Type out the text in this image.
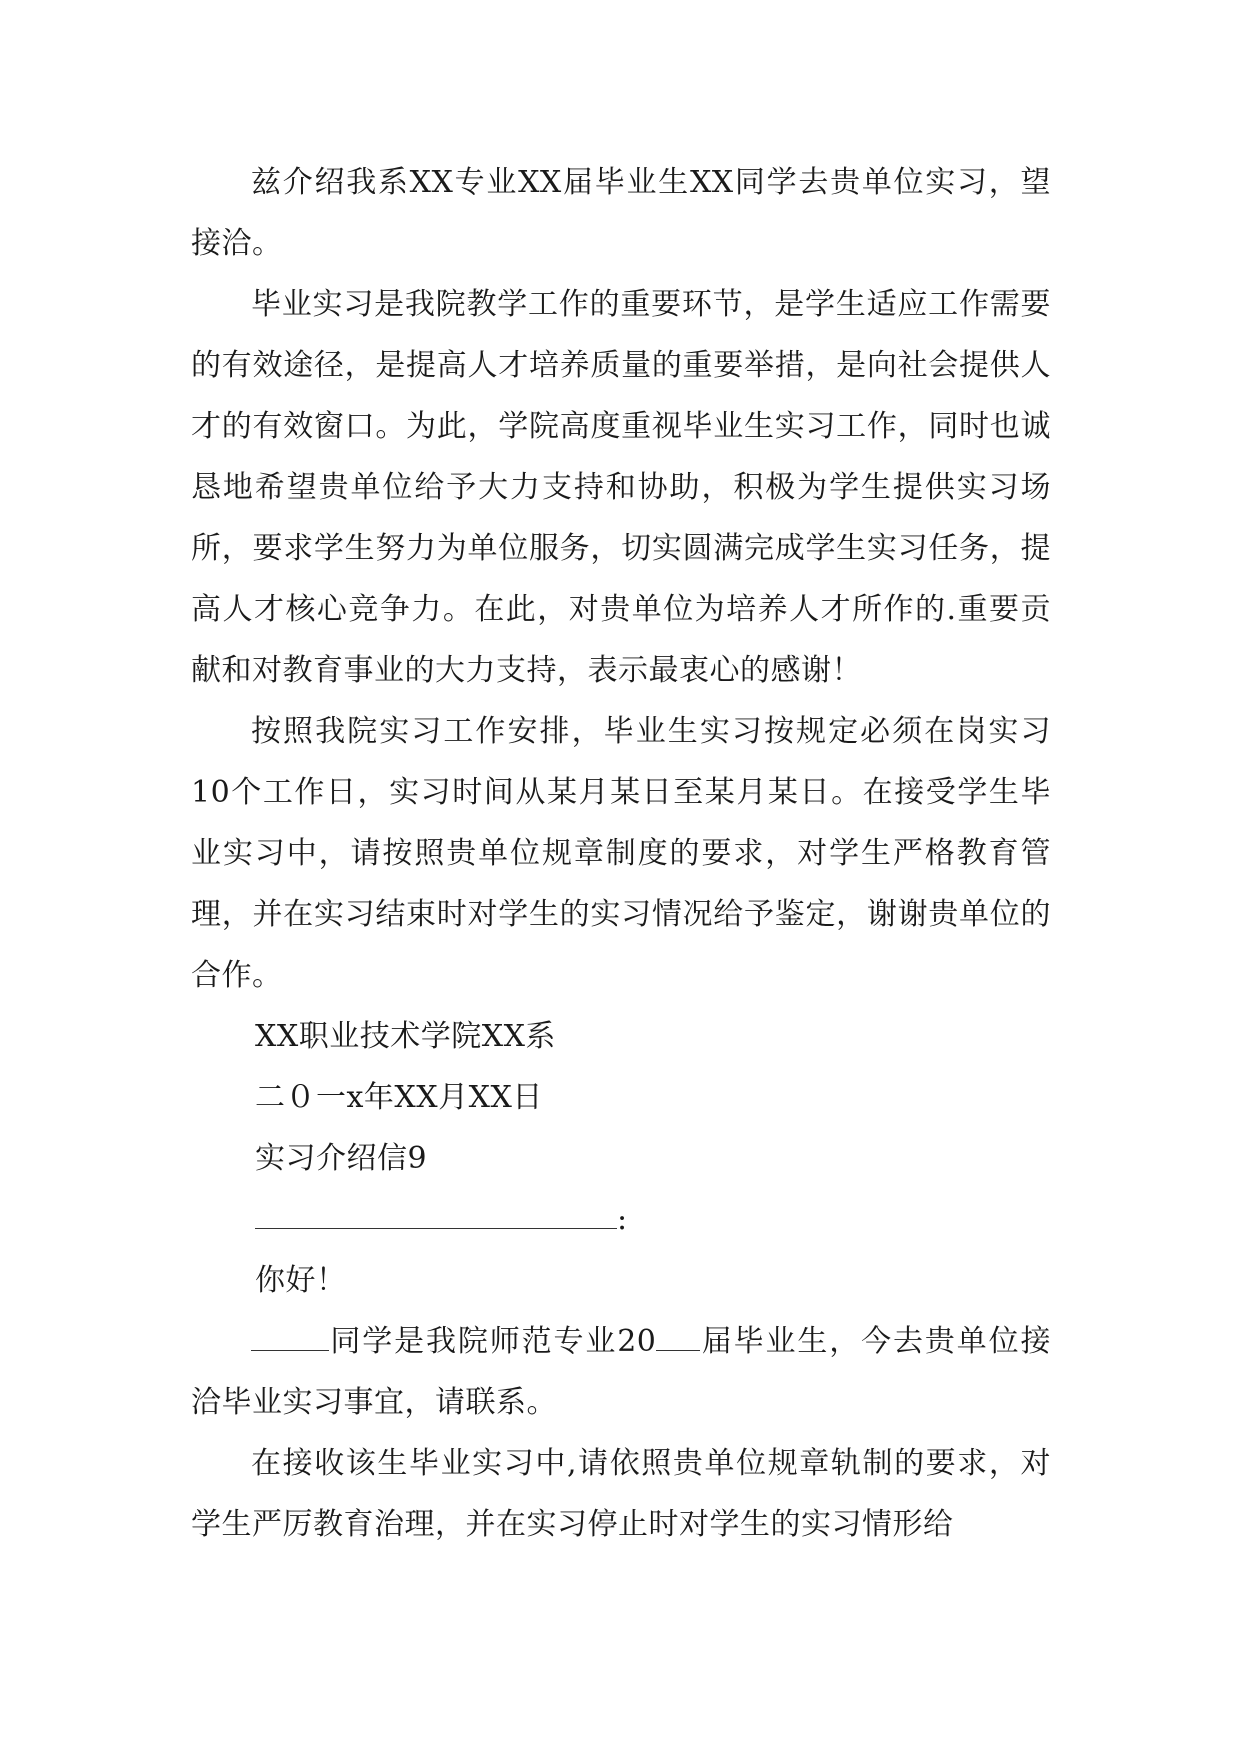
兹介绍我系XX专业XX届毕业生XX同学去贵单位实习，望接洽。

毕业实习是我院教学工作的重要环节，是学生适应工作需要的有效途径，是提高人才培养质量的重要举措，是向社会提供人才的有效窗口。为此，学院高度重视毕业生实习工作，同时也诚恳地希望贵单位给予大力支持和协助，积极为学生提供实习场所，要求学生努力为单位服务，切实圆满完成学生实习任务，提高人才核心竞争力。在此，对贵单位为培养人才所作的.重要贡献和对教育事业的大力支持，表示最衷心的感谢！

按照我院实习工作安排，毕业生实习按规定必须在岗实习10个工作日，实习时间从某月某日至某月某日。在接受学生毕业实习中，请按照贵单位规章制度的要求，对学生严格教育管理，并在实习结束时对学生的实习情况给予鉴定，谢谢贵单位的合作。

XX职业技术学院XX系

二０一x年XX月XX日

实习介绍信9

:

你好！

同学是我院师范专业20 届毕业生，今去贵单位接洽毕业实习事宜，请联系。

在接收该生毕业实习中,请依照贵单位规章轨制的要求，对学生严厉教育治理，并在实习停止时对学生的实习情形给
